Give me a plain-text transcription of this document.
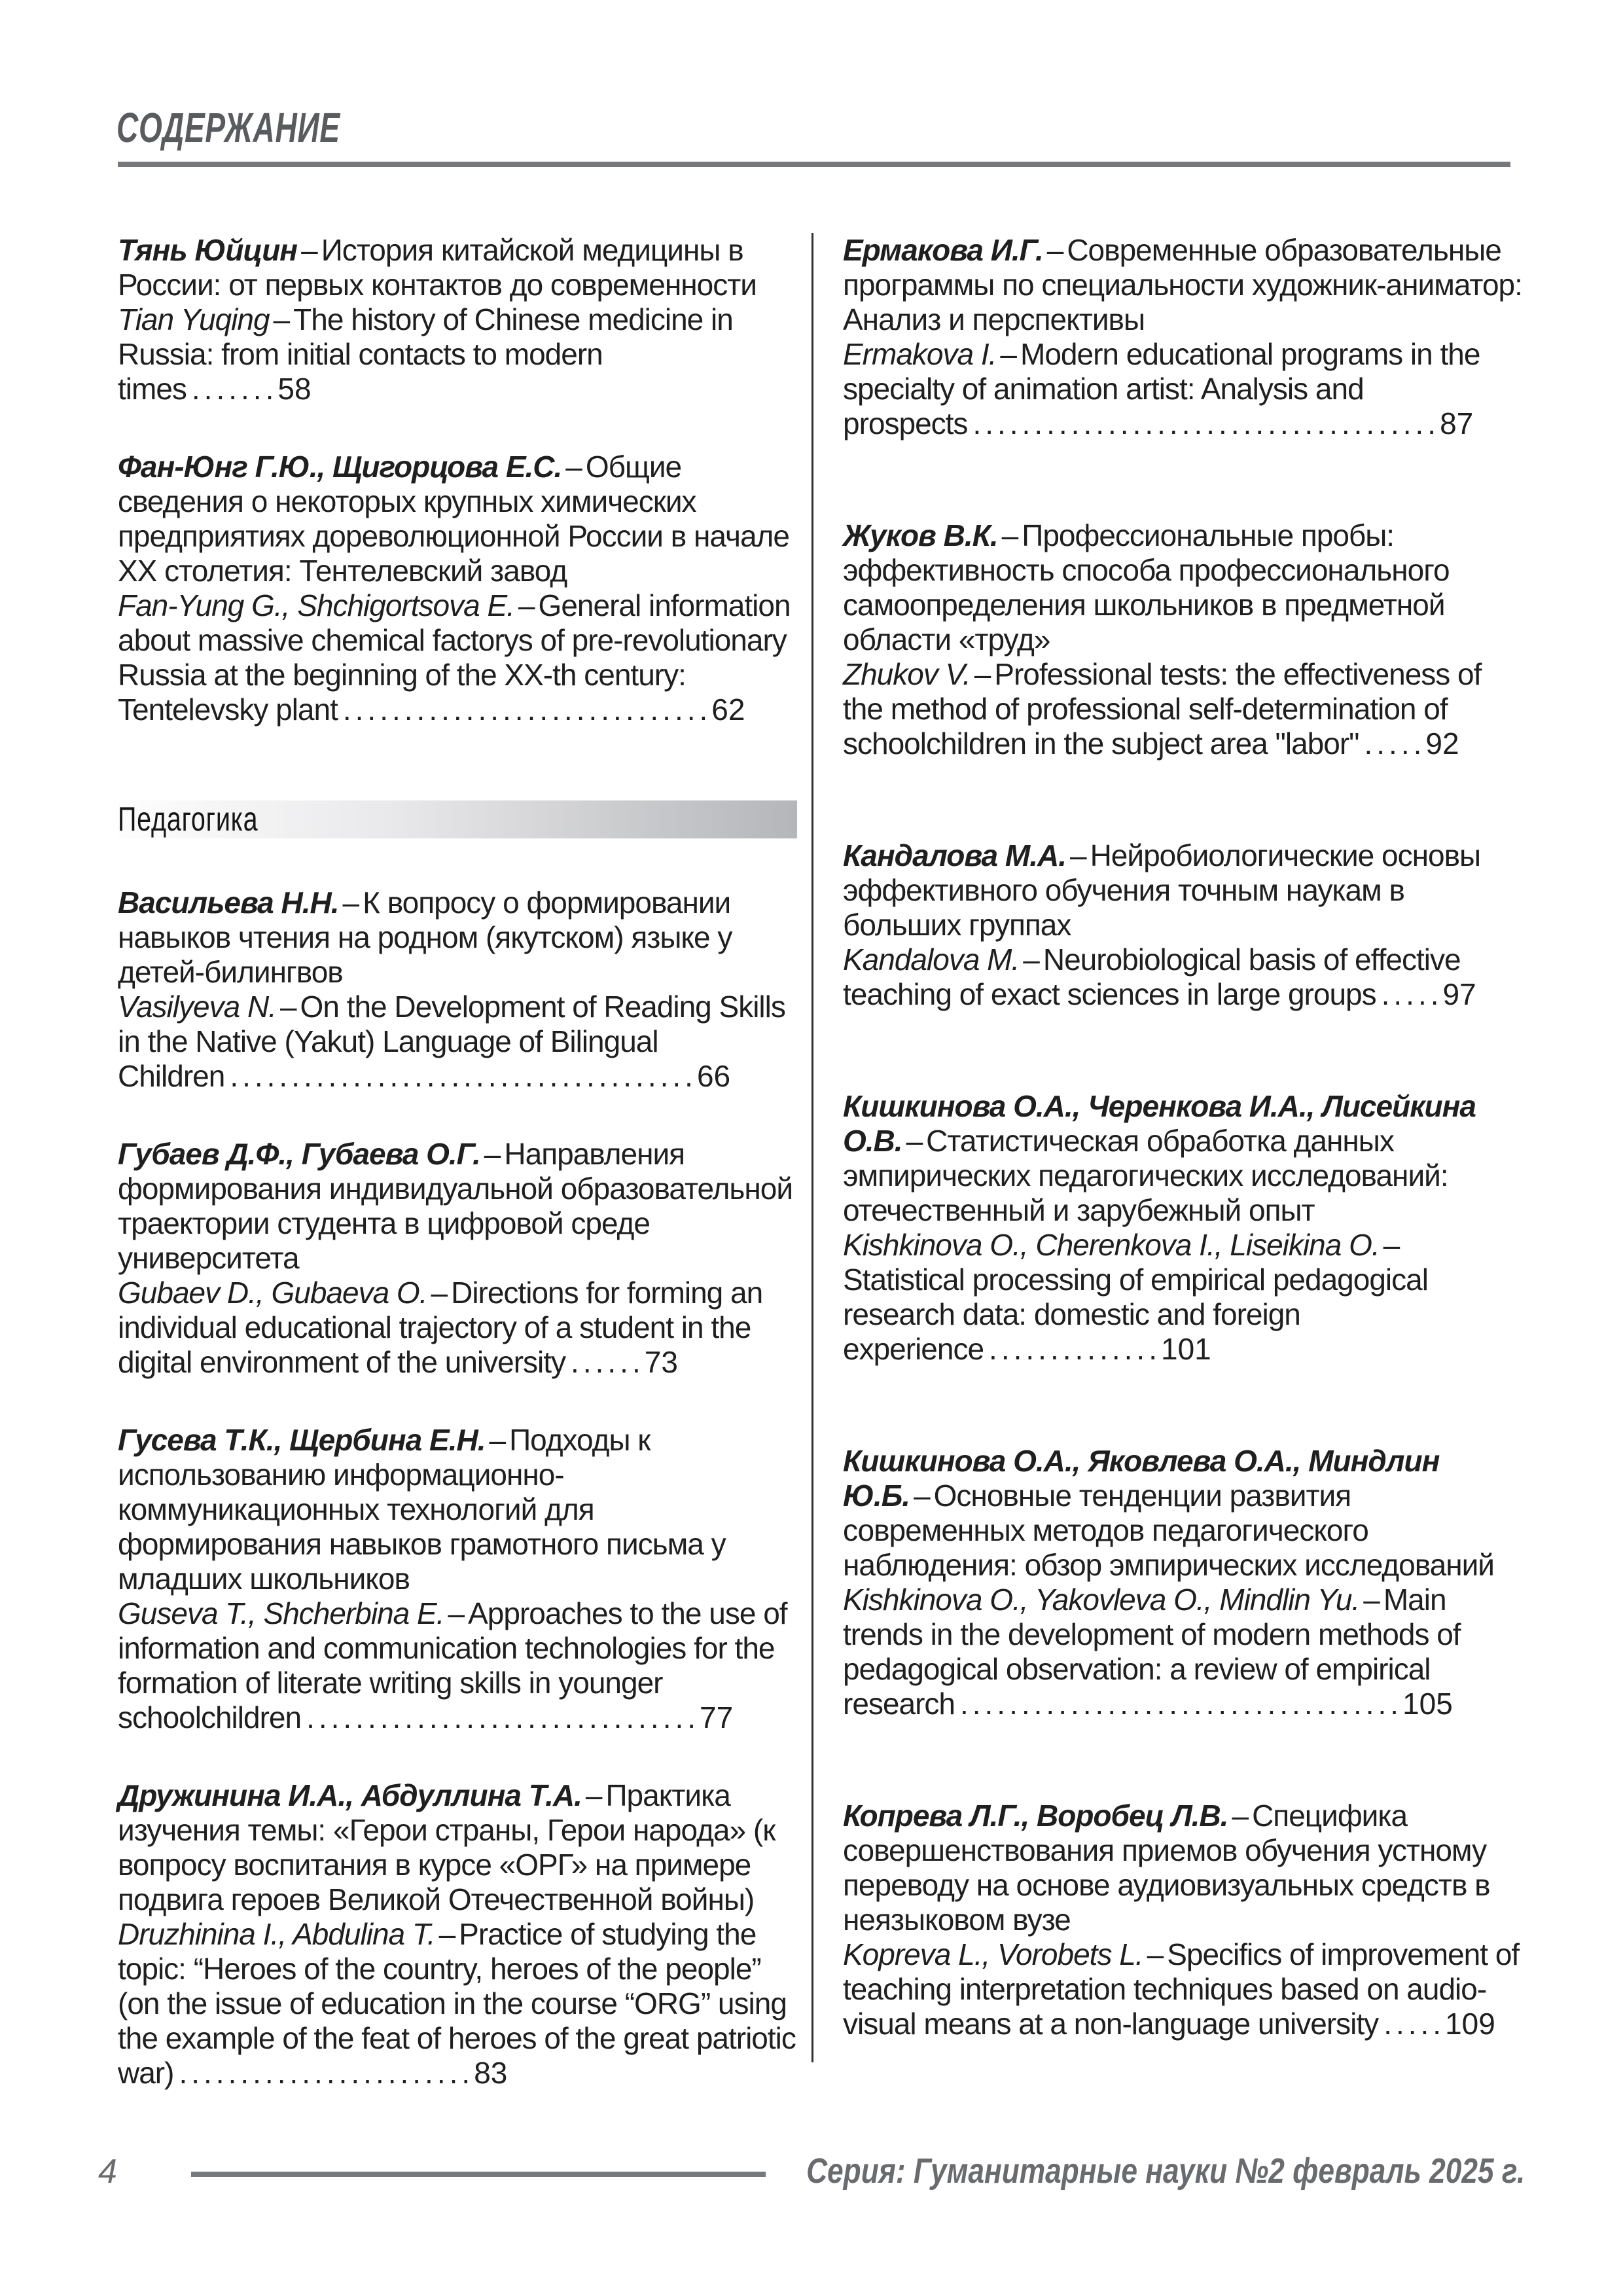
СОДЕРЖАНИЕ

Тянь Юйцин – История китайской медицины в России: от первых контактов до современности

Tian Yuqing – The history of Chinese medicine in Russia: from initial contacts to modern times .......58

Фан-Юнг Г.Ю., Щигорцова Е.С. – Общие сведения о некоторых крупных химических предприятиях дореволюционной России в начале XX столетия: Тентелевский завод

Fan-Yung G., Shchigortsova E. – General information about massive chemical factorys of pre-revolutionary Russia at the beginning of the XX-th century: Tentelevsky plant ..............................62

Педагогика

Васильева Н.Н. – К вопросу о формировании навыков чтения на родном (якутском) языке у детей-билингвов

Vasilyeva N. – On the Development of Reading Skills in the Native (Yakut) Language of Bilingual Children ......................................66

Губаев Д.Ф., Губаева О.Г. – Направления формирования индивидуальной образовательной траектории студента в цифровой среде университета

Gubaev D., Gubaeva O. – Directions for forming an individual educational trajectory of a student in the digital environment of the university ......73

Гусева Т.К., Щербина Е.Н. – Подходы к использованию информационно-коммуникационных технологий для формирования навыков грамотного письма у младших школьников

Guseva T., Shcherbina E. – Approaches to the use of information and communication technologies for the formation of literate writing skills in younger schoolchildren ................................77

Дружинина И.А., Абдуллина Т.А. – Практика изучения темы: «Герои страны, Герои народа» (к вопросу воспитания в курсе «ОРГ» на примере подвига героев Великой Отечественной войны)

Druzhinina I., Abdulina T. – Practice of studying the topic: “Heroes of the country, heroes of the people” (on the issue of education in the course “ORG” using the example of the feat of heroes of the great patriotic war) ........................83

Ермакова И.Г. – Современные образовательные программы по специальности художник-аниматор: Анализ и перспективы

Ermakova I. – Modern educational programs in the specialty of animation artist: Analysis and prospects ......................................87

Жуков В.К. – Профессиональные пробы: эффективность способа профессионального самоопределения школьников в предметной области «труд»

Zhukov V. – Professional tests: the effectiveness of the method of professional self-determination of schoolchildren in the subject area "labor" .....92

Кандалова М.А. – Нейробиологические основы эффективного обучения точным наукам в больших группах

Kandalova M. – Neurobiological basis of effective teaching of exact sciences in large groups .....97

Кишкинова О.А., Черенкова И.А., Лисейкина О.В. – Статистическая обработка данных эмпирических педагогических исследований: отечественный и зарубежный опыт

Kishkinova O., Cherenkova I., Liseikina O. –Statistical processing of empirical pedagogical research data: domestic and foreign experience ..............101

Кишкинова О.А., Яковлева О.А., Миндлин Ю.Б. – Основные тенденции развития современных методов педагогического наблюдения: обзор эмпирических исследований

Kishkinova O., Yakovleva O., Mindlin Yu. – Main trends in the development of modern methods of pedagogical observation: a review of empirical research ....................................105

Копрева Л.Г., Воробец Л.В. – Специфика совершенствования приемов обучения устному переводу на основе аудиовизуальных средств в неязыковом вузе

Kopreva L., Vorobets L. – Specifics of improvement of teaching interpretation techniques based on audio-visual means at a non-language university .....109

4	Серия: Гуманитарные науки №2 февраль 2025 г.
